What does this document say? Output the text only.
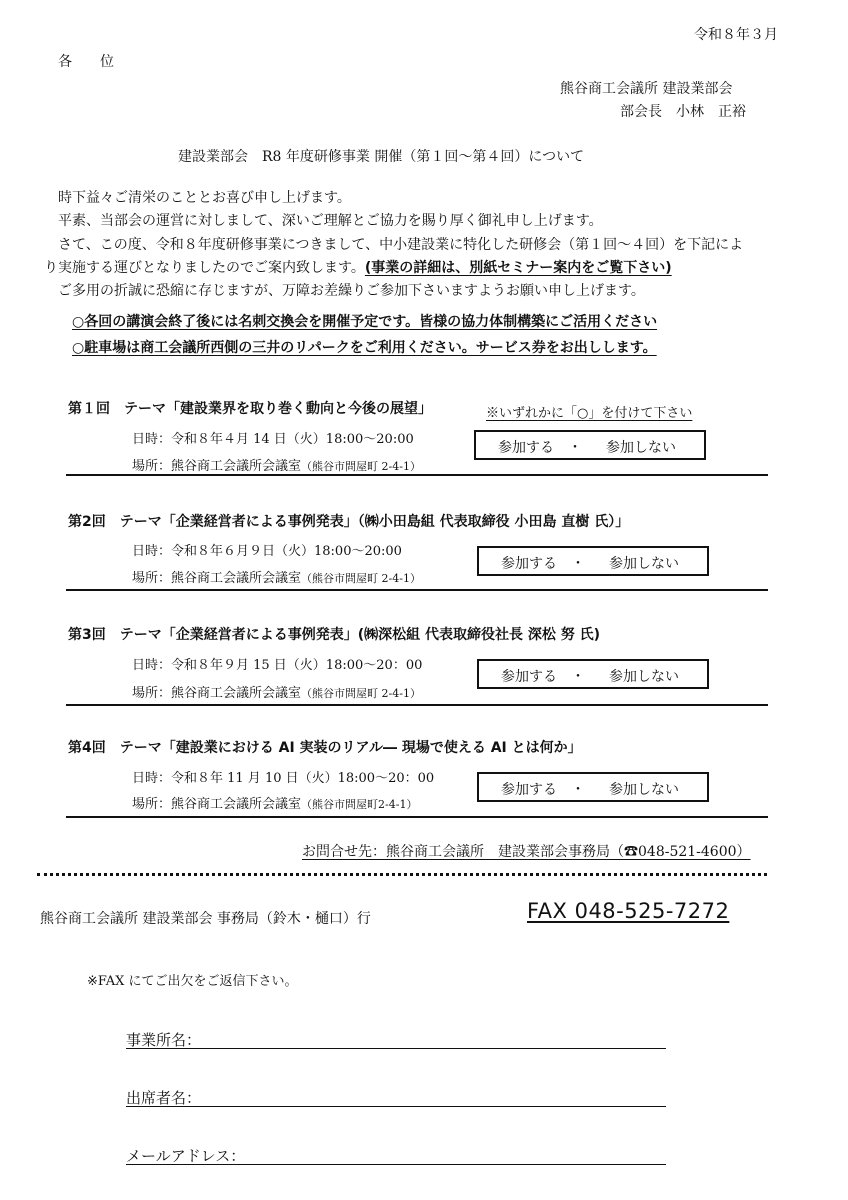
令和８年３月
各　　位
熊谷商工会議所 建設業部会
部会長　小林　正裕
建設業部会　R8 年度研修事業 開催（第１回～第４回）について
時下益々ご清栄のこととお喜び申し上げます。
平素、当部会の運営に対しまして、深いご理解とご協力を賜り厚く御礼申し上げます。
さて、この度、令和８年度研修事業につきまして、中小建設業に特化した研修会（第１回～４回）を下記によ
り実施する運びとなりましたのでご案内致します。(事業の詳細は、別紙セミナー案内をご覧下さい)
ご多用の折誠に恐縮に存じますが、万障お差繰りご参加下さいますようお願い申し上げます。
○各回の講演会終了後には名刺交換会を開催予定です。皆様の協力体制構築にご活用ください
○駐車場は商工会議所西側の三井のリパークをご利用ください。サービス券をお出しします。
第１回　テーマ「建設業界を取り巻く動向と今後の展望」	※いずれかに「○」を付けて下さい
日時：令和８年４月 14 日（火）18:00～20:00
場所：熊谷商工会議所会議室（熊谷市問屋町 2-4-1）
参加する　・ 参加しない
第2回　テーマ「企業経営者による事例発表」（㈱小田島組 代表取締役 小田島 直樹 氏）」
日時：令和８年６月９日（火）18:00～20:00
場所：熊谷商工会議所会議室（熊谷市問屋町 2-4-1）
参加する　・ 参加しない
第3回　テーマ「企業経営者による事例発表」(㈱深松組 代表取締役社長 深松 努 氏)
日時：令和８年９月 15 日（火）18:00～20：00
場所：熊谷商工会議所会議室（熊谷市問屋町 2-4-1）
参加する　・ 参加しない
第4回　テーマ「建設業における AI 実装のリアル― 現場で使える AI とは何か」
日時：令和８年 11 月 10 日（火）18:00～20：00
場所：熊谷商工会議所会議室（熊谷市問屋町2-4-1）
参加する　・ 参加しない
お問合せ先：熊谷商工会議所　建設業部会事務局（☎048-521-4600）
熊谷商工会議所 建設業部会 事務局（鈴木・樋口）行	FAX 048-525-7272
※FAX にてご出欠をご返信下さい。
事業所名：
出席者名：
メールアドレス：
